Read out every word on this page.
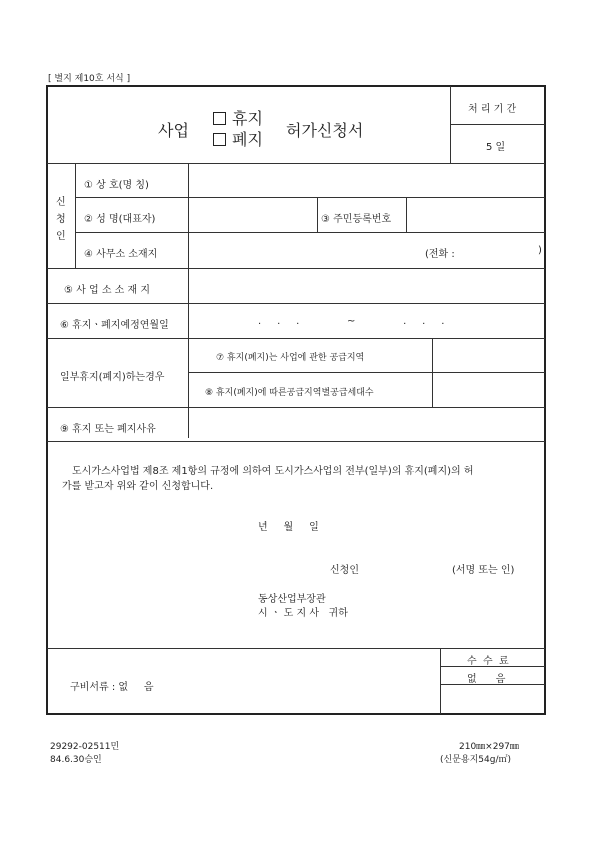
[ 별지 제10호 서식 ]
사업
휴지
폐지 허가신청서
처 리 기 간
5 일
신
청
인
① 상 호(명 칭)
② 성 명(대표자)	③ 주민등록번호
④ 사무소 소재지	(전화 :	)
⑤ 사 업 소 소 재 지
⑥ 휴지ㆍ폐지예정연월일	.     .     .               ~               .     .     .
일부휴지(폐지)하는경우
⑦ 휴지(폐지)는 사업에 관한 공급지역
⑧ 휴지(폐지)에 따른공급지역별공급세대수
⑨ 휴지 또는 폐지사유
도시가스사업법 제8조 제1항의 규정에 의하여 도시가스사업의 전부(일부)의 휴지(폐지)의 허
가를 받고자 위와 같이 신청합니다.
년     월     일
신청인	(서명 또는 인)
동상산업부장관
시 ㆍ 도 지 사   귀하
구비서류 : 없     음
수  수  료
없      음
29292-02511민
84.6.30승인
210㎜×297㎜
(신문용지54g/㎡)
